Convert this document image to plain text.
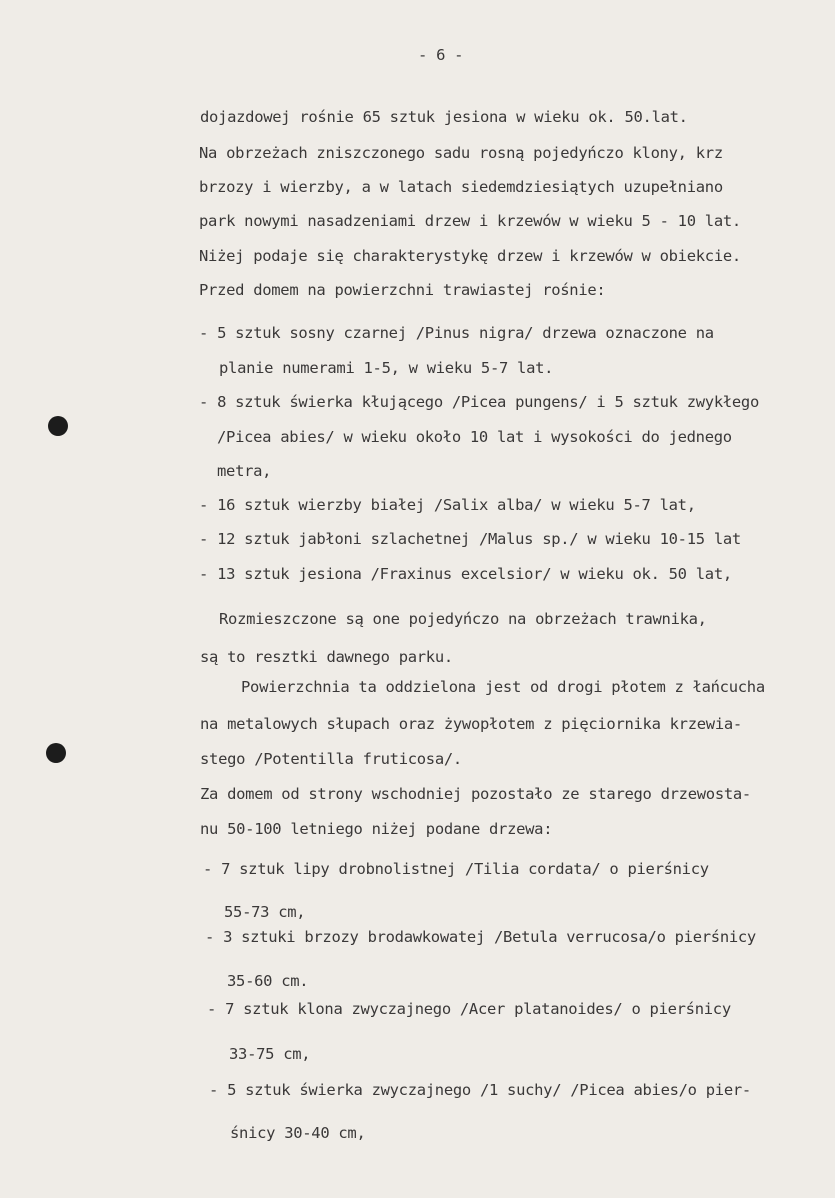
- 6 -
dojazdowej rośnie 65 sztuk jesiona w wieku ok. 50.lat.
Na obrzeżach zniszczonego sadu rosną pojedyńczo klony, krz
brzozy i wierzby, a w latach siedemdziesiątych uzupełniano
park nowymi nasadzeniami drzew i krzewów w wieku 5 - 10 lat.
Niżej podaje się charakterystykę drzew i krzewów w obiekcie.
Przed domem na powierzchni trawiastej rośnie:
- 5 sztuk sosny czarnej /Pinus nigra/ drzewa oznaczone na
planie numerami 1-5, w wieku 5-7 lat.
- 8 sztuk świerka kłującego /Picea pungens/ i 5 sztuk zwykłego
/Picea abies/ w wieku około 10 lat i wysokości do jednego
metra,
- 16 sztuk wierzby białej /Salix alba/ w wieku 5-7 lat,
- 12 sztuk jabłoni szlachetnej /Malus sp./ w wieku 10-15 lat
- 13 sztuk jesiona /Fraxinus excelsior/ w wieku ok. 50 lat,
Rozmieszczone są one pojedyńczo na obrzeżach trawnika,
są to resztki dawnego parku.
Powierzchnia ta oddzielona jest od drogi płotem z łańcucha
na metalowych słupach oraz żywopłotem z pięciornika krzewia-
stego /Potentilla fruticosa/.
Za domem od strony wschodniej pozostało ze starego drzewosta-
nu 50-100 letniego niżej podane drzewa:
- 7 sztuk lipy drobnolistnej /Tilia cordata/ o pierśnicy
55-73 cm,
- 3 sztuki brzozy brodawkowatej /Betula verrucosa/o pierśnicy
35-60 cm.
- 7 sztuk klona zwyczajnego /Acer platanoides/ o pierśnicy
33-75 cm,
- 5 sztuk świerka zwyczajnego /1 suchy/ /Picea abies/o pier-
śnicy 30-40 cm,
